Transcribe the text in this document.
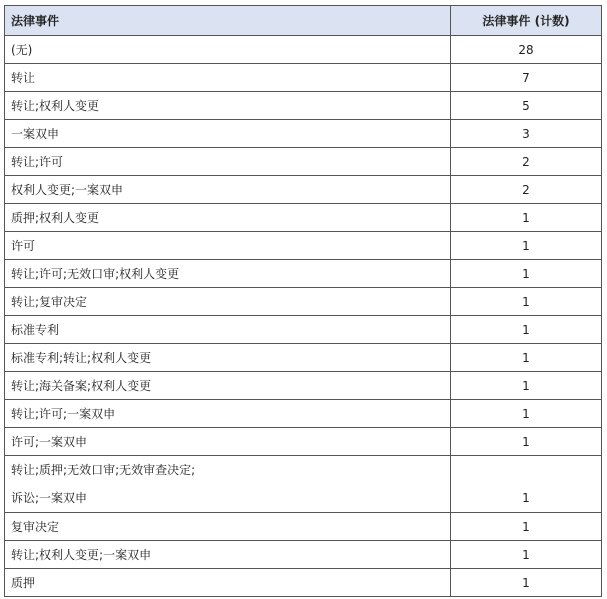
法律事件	法律事件 (计数)
(无)	28
转让	7
转让;权利人变更	5
一案双申	3
转让;许可	2
权利人变更;一案双申	2
质押;权利人变更	1
许可	1
转让;许可;无效口审;权利人变更	1
转让;复审决定	1
标准专利	1
标准专利;转让;权利人变更	1
转让;海关备案;权利人变更	1
转让;许可;一案双申	1
许可;一案双申	1

转让;质押;无效口审;无效审查决定;
诉讼;一案双申	1
复审决定	1
转让;权利人变更;一案双申	1
质押	1
